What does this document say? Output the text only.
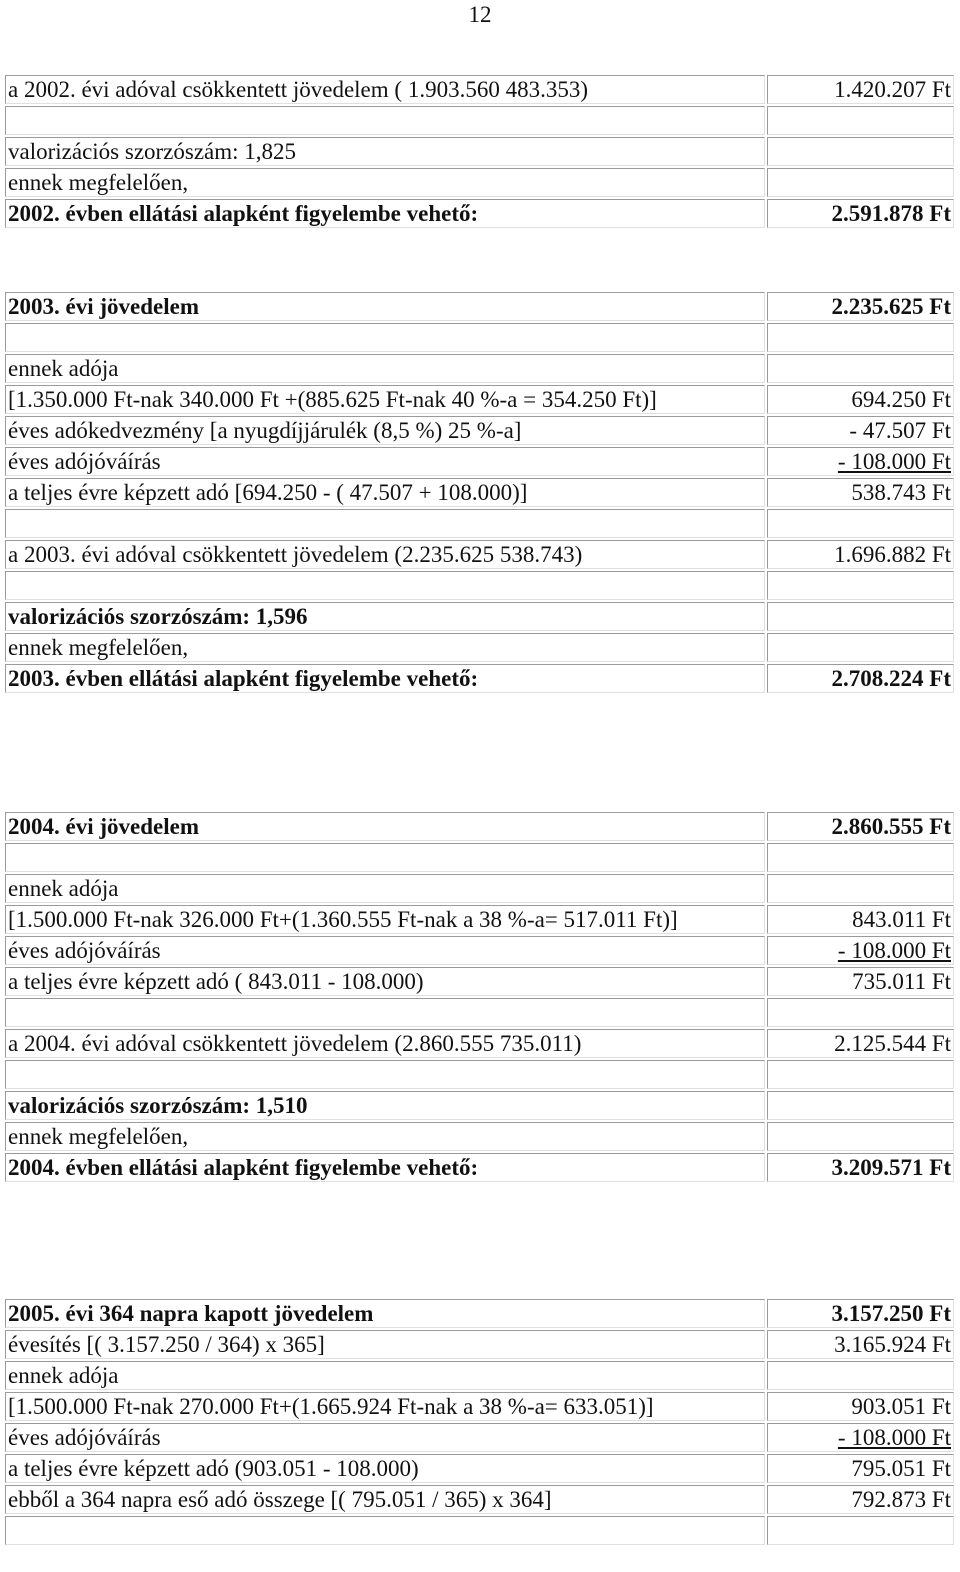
12
a 2002. évi adóval csökkentett jövedelem ( 1.903.560 483.353)	1.420.207 Ft

valorizációs szorzószám: 1,825	
ennek megfelelően,	
2002. évben ellátási alapként figyelembe vehető:	2.591.878 Ft
2003. évi jövedelem	2.235.625 Ft

ennek adója	
[1.350.000 Ft-nak 340.000 Ft +(885.625 Ft-nak 40 %-a = 354.250 Ft)]	694.250 Ft
éves adókedvezmény [a nyugdíjjárulék (8,5 %) 25 %-a]	- 47.507 Ft
éves adójóváírás	- 108.000 Ft
a teljes évre képzett adó [694.250 - ( 47.507 + 108.000)]	538.743 Ft

a 2003. évi adóval csökkentett jövedelem (2.235.625 538.743)	1.696.882 Ft

valorizációs szorzószám: 1,596	
ennek megfelelően,	
2003. évben ellátási alapként figyelembe vehető:	2.708.224 Ft
2004. évi jövedelem	2.860.555 Ft

ennek adója	
[1.500.000 Ft-nak 326.000 Ft+(1.360.555 Ft-nak a 38 %-a= 517.011 Ft)]	843.011 Ft
éves adójóváírás	- 108.000 Ft
a teljes évre képzett adó ( 843.011 - 108.000)	735.011 Ft

a 2004. évi adóval csökkentett jövedelem (2.860.555 735.011)	2.125.544 Ft

valorizációs szorzószám: 1,510	
ennek megfelelően,	
2004. évben ellátási alapként figyelembe vehető:	3.209.571 Ft
2005. évi 364 napra kapott jövedelem	3.157.250 Ft
évesítés [( 3.157.250 / 364) x 365]	3.165.924 Ft
ennek adója	
[1.500.000 Ft-nak 270.000 Ft+(1.665.924 Ft-nak a 38 %-a= 633.051)]	903.051 Ft
éves adójóváírás	- 108.000 Ft
a teljes évre képzett adó (903.051 - 108.000)	795.051 Ft
ebből a 364 napra eső adó összege [( 795.051 / 365) x 364]	792.873 Ft
